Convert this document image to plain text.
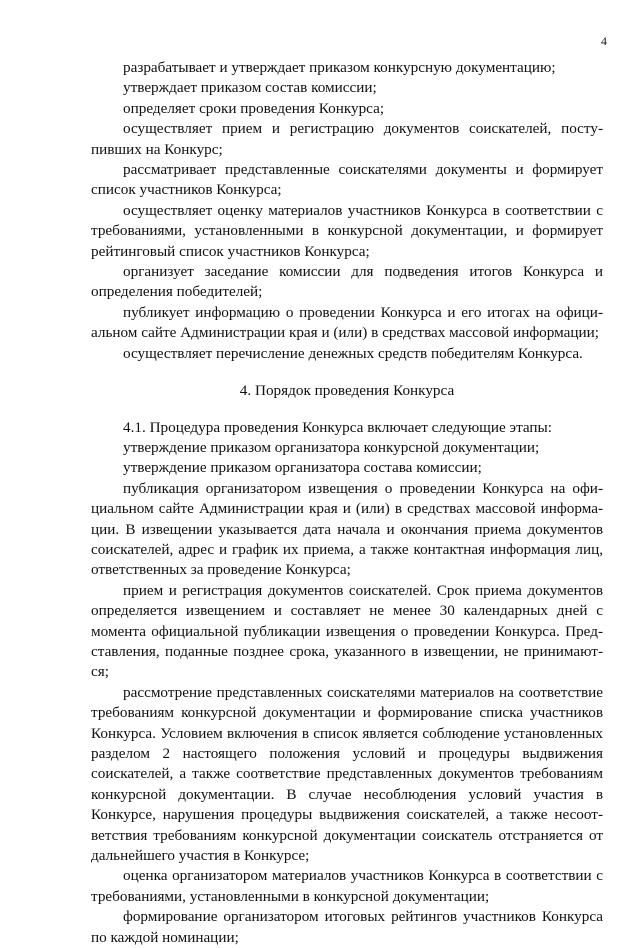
4

разрабатывает и утверждает приказом конкурсную документацию;

утверждает приказом состав комиссии;

определяет сроки проведения Конкурса;

осуществляет прием и регистрацию документов соискателей, поступивших на Конкурс;

рассматривает представленные соискателями документы и формирует список участников Конкурса;

осуществляет оценку материалов участников Конкурса в соответствии с требованиями, установленными в конкурсной документации, и формирует рейтинговый список участников Конкурса;

организует заседание комиссии для подведения итогов Конкурса и определения победителей;

публикует информацию о проведении Конкурса и его итогах на официальном сайте Администрации края и (или) в средствах массовой информации;

осуществляет перечисление денежных средств победителям Конкурса.

4. Порядок проведения Конкурса

4.1. Процедура проведения Конкурса включает следующие этапы:

утверждение приказом организатора конкурсной документации;

утверждение приказом организатора состава комиссии;

публикация организатором извещения о проведении Конкурса на официальном сайте Администрации края и (или) в средствах массовой информации. В извещении указывается дата начала и окончания приема документов соискателей, адрес и график их приема, а также контактная информация лиц, ответственных за проведение Конкурса;

прием и регистрация документов соискателей. Срок приема документов определяется извещением и составляет не менее 30 календарных дней с момента официальной публикации извещения о проведении Конкурса. Представления, поданные позднее срока, указанного в извещении, не принимаются;

рассмотрение представленных соискателями материалов на соответствие требованиям конкурсной документации и формирование списка участников Конкурса. Условием включения в список является соблюдение установленных разделом 2 настоящего положения условий и процедуры выдвижения соискателей, а также соответствие представленных документов требованиям конкурсной документации. В случае несоблюдения условий участия в Конкурсе, нарушения процедуры выдвижения соискателей, а также несоответствия требованиям конкурсной документации соискатель отстраняется от дальнейшего участия в Конкурсе;

оценка организатором материалов участников Конкурса в соответствии с требованиями, установленными в конкурсной документации;

формирование организатором итоговых рейтингов участников Конкурса по каждой номинации;
